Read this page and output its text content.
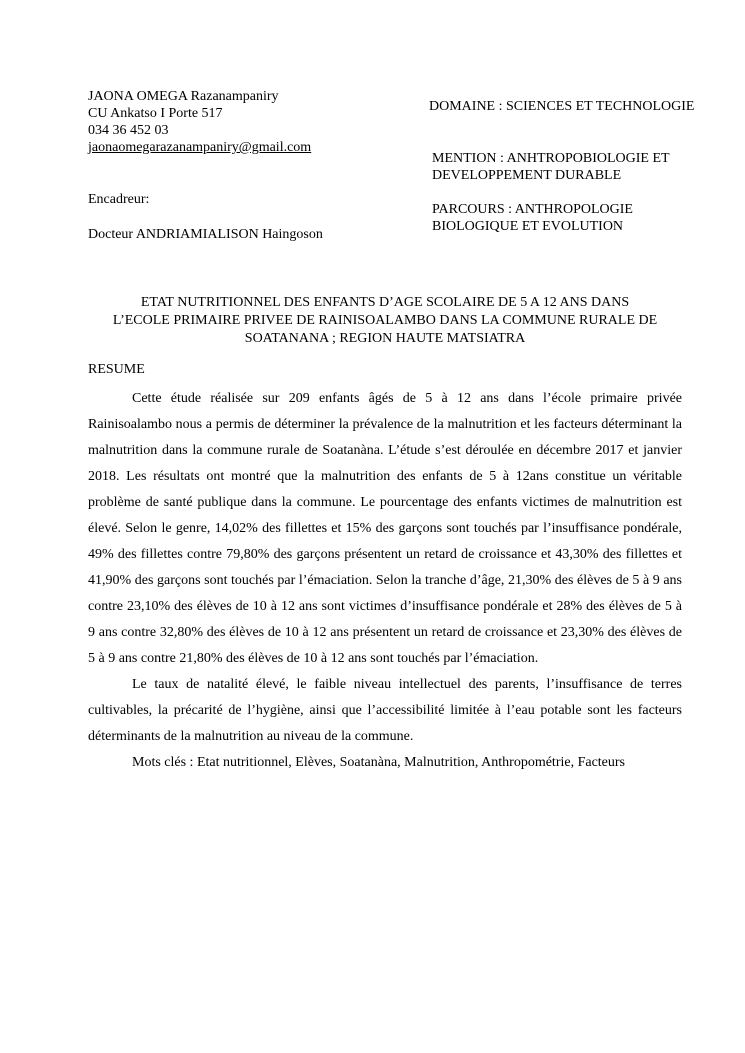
JAONA OMEGA Razanampaniry
CU Ankatso I Porte 517
034 36 452 03
jaonaomegarazanampaniry@gmail.com
Encadreur:
Docteur ANDRIAMIALISON Haingoson
DOMAINE : SCIENCES ET TECHNOLOGIE
MENTION : ANHTROPOBIOLOGIE ET
DEVELOPPEMENT DURABLE
PARCOURS : ANTHROPOLOGIE
BIOLOGIQUE ET EVOLUTION
ETAT NUTRITIONNEL DES ENFANTS D’AGE SCOLAIRE DE 5 A 12 ANS DANS
L’ECOLE PRIMAIRE PRIVEE DE RAINISOALAMBO DANS LA COMMUNE RURALE DE
SOATANANA ; REGION HAUTE MATSIATRA
RESUME

Cette étude réalisée sur 209 enfants âgés de 5 à 12 ans dans l’école primaire privée Rainisoalambo nous a permis de déterminer la prévalence de la malnutrition et les facteurs déterminant la malnutrition dans la commune rurale de Soatanàna. L’étude s’est déroulée en décembre 2017 et janvier 2018. Les résultats ont montré que la malnutrition des enfants de 5 à 12ans constitue un véritable problème de santé publique dans la commune. Le pourcentage des enfants victimes de malnutrition est élevé. Selon le genre, 14,02% des fillettes et 15% des garçons sont touchés par l’insuffisance pondérale, 49% des fillettes contre 79,80% des garçons présentent un retard de croissance et 43,30% des fillettes et 41,90% des garçons sont touchés par l’émaciation. Selon la tranche d’âge, 21,30% des élèves de 5 à 9 ans contre 23,10% des élèves de 10 à 12 ans sont victimes d’insuffisance pondérale et 28% des élèves de 5 à 9 ans contre 32,80% des élèves de 10 à 12 ans présentent un retard de croissance et 23,30% des élèves de 5 à 9 ans contre 21,80% des élèves de 10 à 12 ans sont touchés par l’émaciation.

Le taux de natalité élevé, le faible niveau intellectuel des parents, l’insuffisance de terres cultivables, la précarité de l’hygiène, ainsi que l’accessibilité limitée à l’eau potable sont les facteurs déterminants de la malnutrition au niveau de la commune.

Mots clés : Etat nutritionnel, Elèves, Soatanàna, Malnutrition, Anthropométrie, Facteurs
